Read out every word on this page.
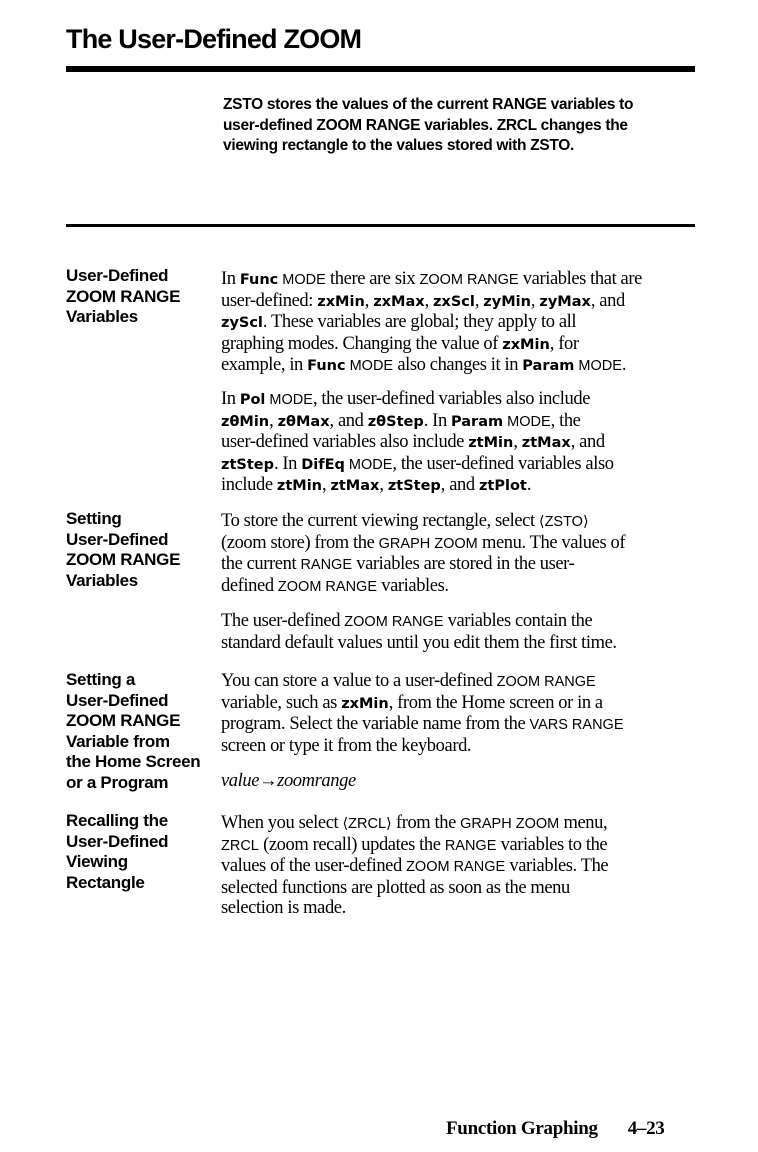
The User-Defined ZOOM
ZSTO stores the values of the current RANGE variables to
user-defined ZOOM RANGE variables. ZRCL changes the
viewing rectangle to the values stored with ZSTO.
User-Defined
ZOOM RANGE
Variables
In Func MODE there are six ZOOM RANGE variables that are
user-defined: zxMin, zxMax, zxScl, zyMin, zyMax, and
zyScl. These variables are global; they apply to all
graphing modes. Changing the value of zxMin, for
example, in Func MODE also changes it in Param MODE.
In Pol MODE, the user-defined variables also include
zθMin, zθMax, and zθStep. In Param MODE, the
user-defined variables also include ztMin, ztMax, and
ztStep. In DifEq MODE, the user-defined variables also
include ztMin, ztMax, ztStep, and ztPlot.
Setting
User-Defined
ZOOM RANGE
Variables
To store the current viewing rectangle, select ⟨ZSTO⟩
(zoom store) from the GRAPH ZOOM menu. The values of
the current RANGE variables are stored in the user-
defined ZOOM RANGE variables.
The user-defined ZOOM RANGE variables contain the
standard default values until you edit them the first time.
Setting a
User-Defined
ZOOM RANGE
Variable from
the Home Screen
or a Program
You can store a value to a user-defined ZOOM RANGE
variable, such as zxMin, from the Home screen or in a
program. Select the variable name from the VARS RANGE
screen or type it from the keyboard.
value→zoomrange
Recalling the
User-Defined
Viewing
Rectangle
When you select ⟨ZRCL⟩ from the GRAPH ZOOM menu,
ZRCL (zoom recall) updates the RANGE variables to the
values of the user-defined ZOOM RANGE variables. The
selected functions are plotted as soon as the menu
selection is made.
Function Graphing 4–23
